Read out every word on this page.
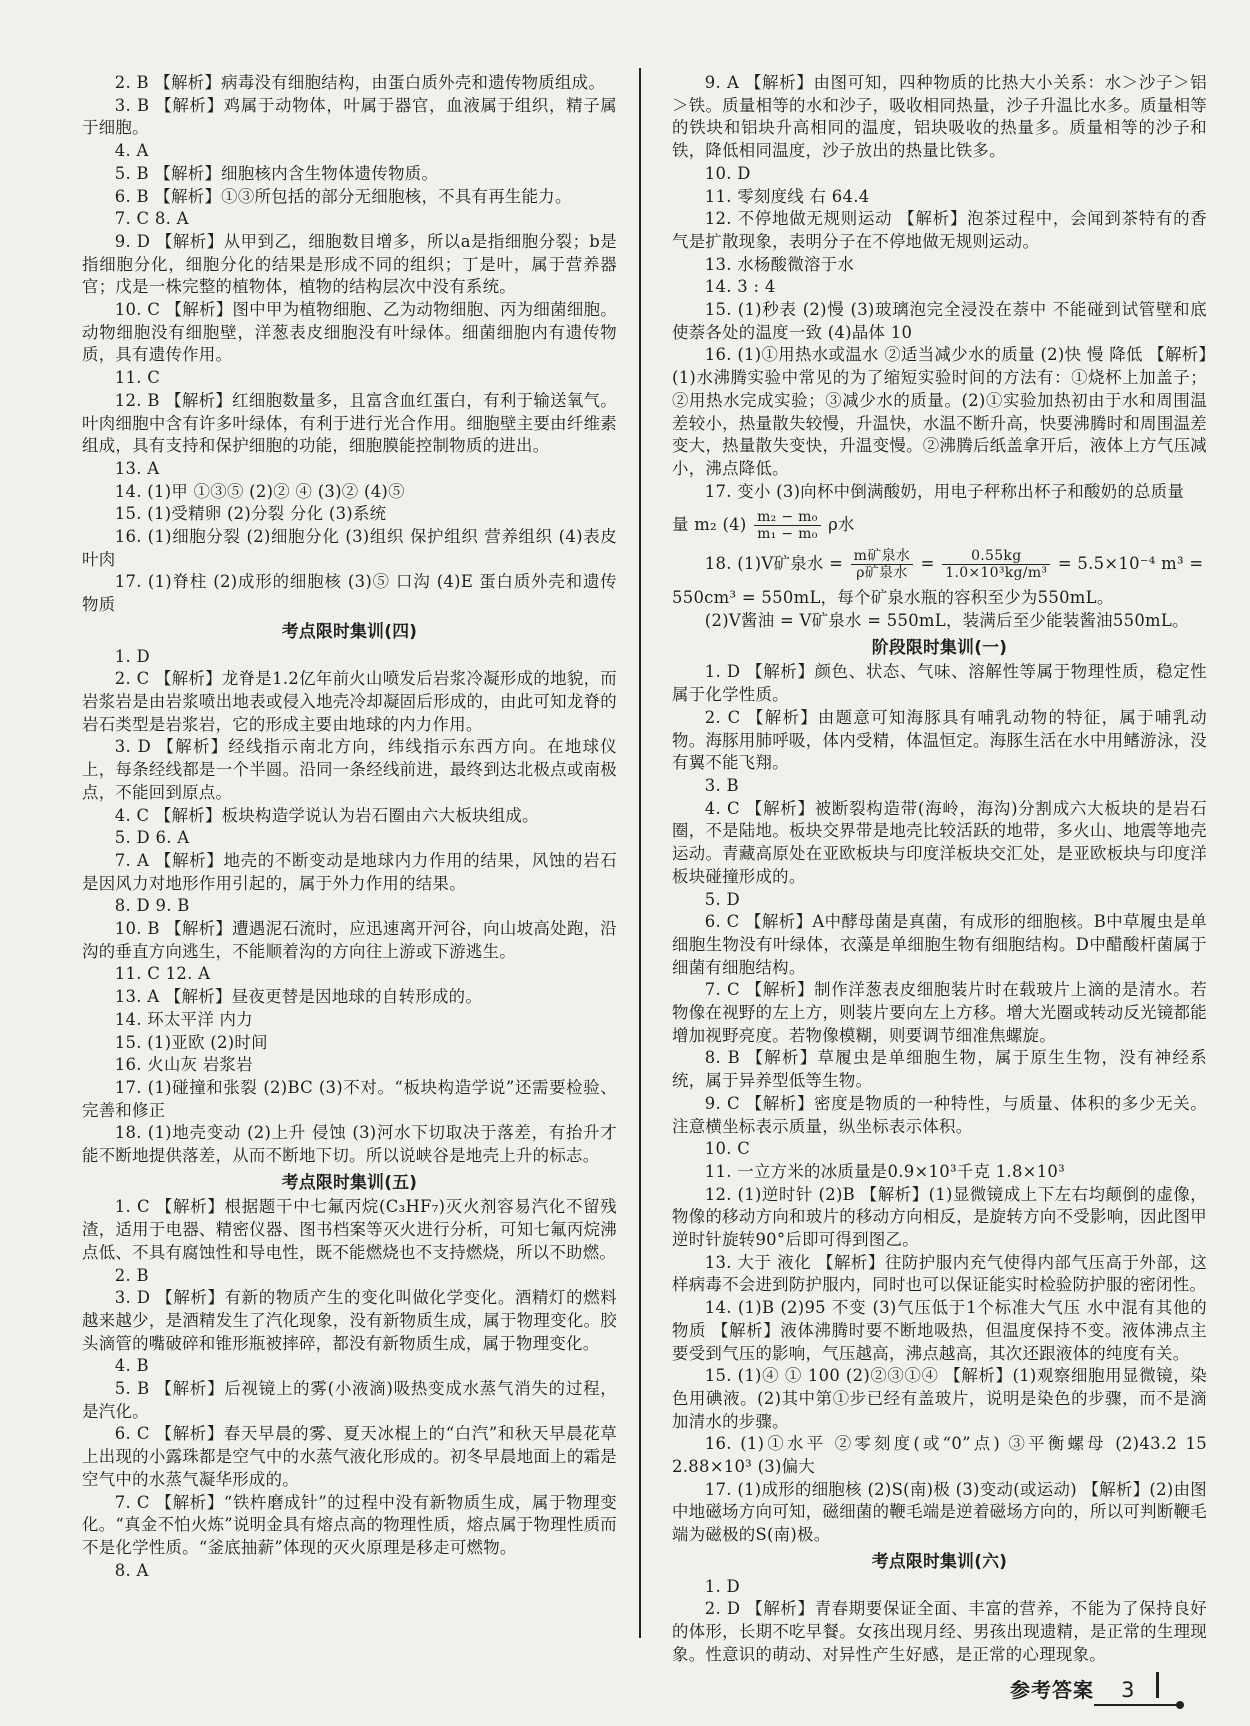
2. B 【解析】病毒没有细胞结构，由蛋白质外壳和遗传物质组成。

3. B 【解析】鸡属于动物体，叶属于器官，血液属于组织，精子属于细胞。

4. A

5. B 【解析】细胞核内含生物体遗传物质。

6. B 【解析】①③所包括的部分无细胞核，不具有再生能力。

7. C 8. A

9. D 【解析】从甲到乙，细胞数目增多，所以a是指细胞分裂；b是指细胞分化，细胞分化的结果是形成不同的组织；丁是叶，属于营养器官；戊是一株完整的植物体，植物的结构层次中没有系统。

10. C 【解析】图中甲为植物细胞、乙为动物细胞、丙为细菌细胞。动物细胞没有细胞壁，洋葱表皮细胞没有叶绿体。细菌细胞内有遗传物质，具有遗传作用。

11. C

12. B 【解析】红细胞数量多，且富含血红蛋白，有利于输送氧气。叶肉细胞中含有许多叶绿体，有利于进行光合作用。细胞壁主要由纤维素组成，具有支持和保护细胞的功能，细胞膜能控制物质的进出。

13. A

14. (1)甲 ①③⑤ (2)② ④ (3)② (4)⑤

15. (1)受精卵 (2)分裂 分化 (3)系统

16. (1)细胞分裂 (2)细胞分化 (3)组织 保护组织 营养组织 (4)表皮 叶肉

17. (1)脊柱 (2)成形的细胞核 (3)⑤ 口沟 (4)E 蛋白质外壳和遗传物质

考点限时集训(四)

1. D

2. C 【解析】龙脊是1.2亿年前火山喷发后岩浆冷凝形成的地貌，而岩浆岩是由岩浆喷出地表或侵入地壳冷却凝固后形成的，由此可知龙脊的岩石类型是岩浆岩，它的形成主要由地球的内力作用。

3. D 【解析】经线指示南北方向，纬线指示东西方向。在地球仪上，每条经线都是一个半圆。沿同一条经线前进，最终到达北极点或南极点，不能回到原点。

4. C 【解析】板块构造学说认为岩石圈由六大板块组成。

5. D 6. A

7. A 【解析】地壳的不断变动是地球内力作用的结果，风蚀的岩石是因风力对地形作用引起的，属于外力作用的结果。

8. D 9. B

10. B 【解析】遭遇泥石流时，应迅速离开河谷，向山坡高处跑，沿沟的垂直方向逃生，不能顺着沟的方向往上游或下游逃生。

11. C 12. A

13. A 【解析】昼夜更替是因地球的自转形成的。

14. 环太平洋 内力

15. (1)亚欧 (2)时间

16. 火山灰 岩浆岩

17. (1)碰撞和张裂 (2)BC (3)不对。“板块构造学说”还需要检验、完善和修正

18. (1)地壳变动 (2)上升 侵蚀 (3)河水下切取决于落差，有抬升才能不断地提供落差，从而不断地下切。所以说峡谷是地壳上升的标志。

考点限时集训(五)

1. C 【解析】根据题干中七氟丙烷(C₃HF₇)灭火剂容易汽化不留残渣，适用于电器、精密仪器、图书档案等灭火进行分析，可知七氟丙烷沸点低、不具有腐蚀性和导电性，既不能燃烧也不支持燃烧，所以不助燃。

2. B

3. D 【解析】有新的物质产生的变化叫做化学变化。酒精灯的燃料越来越少，是酒精发生了汽化现象，没有新物质生成，属于物理变化。胶头滴管的嘴破碎和锥形瓶被摔碎，都没有新物质生成，属于物理变化。

4. B

5. B 【解析】后视镜上的雾(小液滴)吸热变成水蒸气消失的过程，是汽化。

6. C 【解析】春天早晨的雾、夏天冰棍上的“白汽”和秋天早晨花草上出现的小露珠都是空气中的水蒸气液化形成的。初冬早晨地面上的霜是空气中的水蒸气凝华形成的。

7. C 【解析】“铁杵磨成针”的过程中没有新物质生成，属于物理变化。“真金不怕火炼”说明金具有熔点高的物理性质，熔点属于物理性质而不是化学性质。“釜底抽薪”体现的灭火原理是移走可燃物。

8. A

9. A 【解析】由图可知，四种物质的比热大小关系：水＞沙子＞铝＞铁。质量相等的水和沙子，吸收相同热量，沙子升温比水多。质量相等的铁块和铝块升高相同的温度，铝块吸收的热量多。质量相等的沙子和铁，降低相同温度，沙子放出的热量比铁多。

10. D

11. 零刻度线 右 64.4

12. 不停地做无规则运动 【解析】泡茶过程中，会闻到茶特有的香气是扩散现象，表明分子在不停地做无规则运动。

13. 水杨酸微溶于水

14. 3 : 4

15. (1)秒表 (2)慢 (3)玻璃泡完全浸没在萘中 不能碰到试管壁和底 使萘各处的温度一致 (4)晶体 10

16. (1)①用热水或温水 ②适当减少水的质量 (2)快 慢 降低 【解析】(1)水沸腾实验中常见的为了缩短实验时间的方法有：①烧杯上加盖子；②用热水完成实验；③减少水的质量。(2)①实验加热初由于水和周围温差较小，热量散失较慢，升温快，水温不断升高，快要沸腾时和周围温差变大，热量散失变快，升温变慢。②沸腾后纸盖拿开后，液体上方气压减小，沸点降低。

17. 变小 (3)向杯中倒满酸奶，用电子秤称出杯子和酸奶的总质量

量 m₂ $(4) \frac{\text{m₂ − m₀}}{\text{m₁ − m₀}}$ ρ水

18. (1)V矿泉水 = $\frac{\text{m矿泉水}}{\text{ρ矿泉水}} = \frac{0.55kg}{\text{1.0×10³kg/m³}} = 5.5\times 10^{-4}$ m³ =

550cm³ = 550mL，每个矿泉水瓶的容积至少为550mL。

(2)V酱油 = V矿泉水 = 550mL，装满后至少能装酱油550mL。

阶段限时集训(一)

1. D 【解析】颜色、状态、气味、溶解性等属于物理性质，稳定性属于化学性质。

2. C 【解析】由题意可知海豚具有哺乳动物的特征，属于哺乳动物。海豚用肺呼吸，体内受精，体温恒定。海豚生活在水中用鳍游泳，没有翼不能飞翔。

3. B

4. C 【解析】被断裂构造带(海岭，海沟)分割成六大板块的是岩石圈，不是陆地。板块交界带是地壳比较活跃的地带，多火山、地震等地壳运动。青藏高原处在亚欧板块与印度洋板块交汇处，是亚欧板块与印度洋板块碰撞形成的。

5. D

6. C 【解析】A中酵母菌是真菌，有成形的细胞核。B中草履虫是单细胞生物没有叶绿体，衣藻是单细胞生物有细胞结构。D中醋酸杆菌属于细菌有细胞结构。

7. C 【解析】制作洋葱表皮细胞装片时在载玻片上滴的是清水。若物像在视野的左上方，则装片要向左上方移。增大光圈或转动反光镜都能增加视野亮度。若物像模糊，则要调节细准焦螺旋。

8. B 【解析】草履虫是单细胞生物，属于原生生物，没有神经系统，属于异养型低等生物。

9. C 【解析】密度是物质的一种特性，与质量、体积的多少无关。注意横坐标表示质量，纵坐标表示体积。

10. C

11. 一立方米的冰质量是0.9×10³千克 1.8×10³

12. (1)逆时针 (2)B 【解析】(1)显微镜成上下左右均颠倒的虚像，物像的移动方向和玻片的移动方向相反，是旋转方向不受影响，因此图甲逆时针旋转90°后即可得到图乙。

13. 大于 液化 【解析】往防护服内充气使得内部气压高于外部，这样病毒不会进到防护服内，同时也可以保证能实时检验防护服的密闭性。

14. (1)B (2)95 不变 (3)气压低于1个标准大气压 水中混有其他的物质 【解析】液体沸腾时要不断地吸热，但温度保持不变。液体沸点主要受到气压的影响，气压越高，沸点越高，其次还跟液体的纯度有关。

15. (1)④ ① 100 (2)②③①④ 【解析】(1)观察细胞用显微镜，染色用碘液。(2)其中第①步已经有盖玻片，说明是染色的步骤，而不是滴加清水的步骤。

16. (1)①水平 ②零刻度(或“0”点) ③平衡螺母 (2)43.2 15 2.88×10³ (3)偏大

17. (1)成形的细胞核 (2)S(南)极 (3)变动(或运动) 【解析】(2)由图中地磁场方向可知，磁细菌的鞭毛端是逆着磁场方向的，所以可判断鞭毛端为磁极的S(南)极。

考点限时集训(六)

1. D

2. D 【解析】青春期要保证全面、丰富的营养，不能为了保持良好的体形，长期不吃早餐。女孩出现月经、男孩出现遗精，是正常的生理现象。性意识的萌动、对异性产生好感，是正常的心理现象。

参考答案 3
